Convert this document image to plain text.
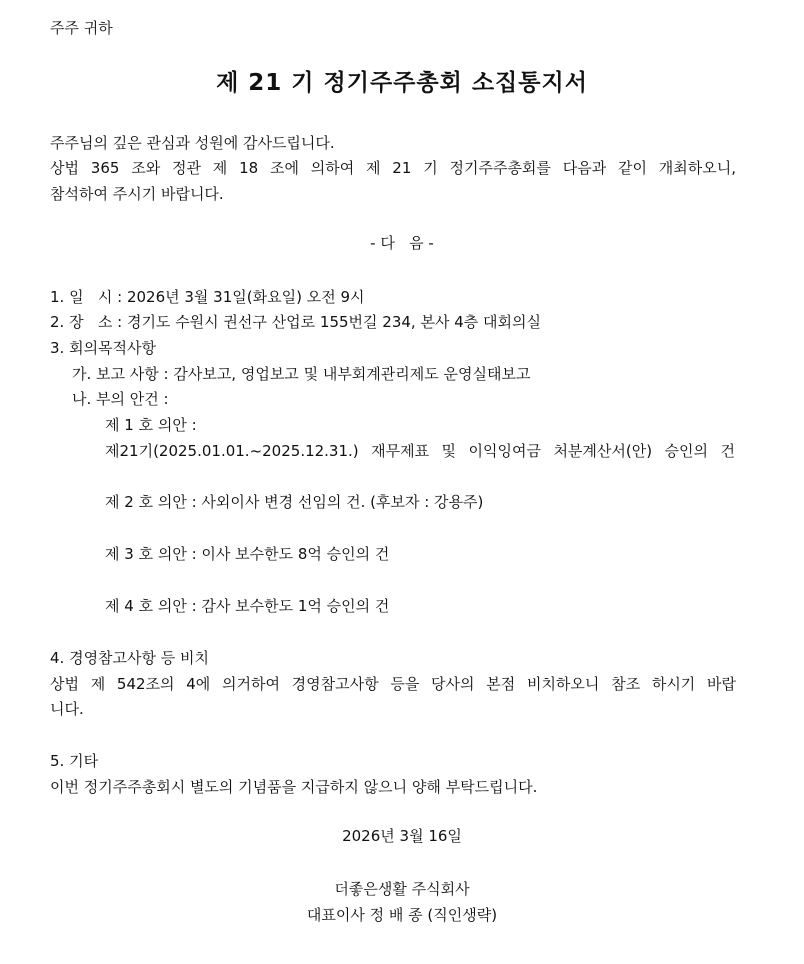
주주 귀하
제 21 기 정기주주총회 소집통지서
주주님의 깊은 관심과 성원에 감사드립니다.
상법 365 조와 정관 제 18 조에 의하여 제 21 기 정기주주총회를 다음과 같이 개최하오니,
참석하여 주시기 바랍니다.
- 다   음 -
1. 일   시 : 2026년 3월 31일(화요일) 오전 9시
2. 장   소 : 경기도 수원시 권선구 산업로 155번길 234, 본사 4층 대회의실
3. 회의목적사항
가. 보고 사항 : 감사보고, 영업보고 및 내부회계관리제도 운영실태보고
나. 부의 안건 :
제 1 호 의안 :
제21기(2025.01.01.~2025.12.31.) 재무제표 및 이익잉여금 처분계산서(안) 승인의 건
제 2 호 의안 : 사외이사 변경 선임의 건. (후보자 : 강용주)
제 3 호 의안 : 이사 보수한도 8억 승인의 건
제 4 호 의안 : 감사 보수한도 1억 승인의 건
4. 경영참고사항 등 비치
상법 제 542조의 4에 의거하여 경영참고사항 등을 당사의 본점 비치하오니 참조 하시기 바랍
니다.
5. 기타
이번 정기주주총회시 별도의 기념품을 지급하지 않으니 양해 부탁드립니다.
2026년 3월 16일
더좋은생활 주식회사
대표이사 정 배 종 (직인생략)
